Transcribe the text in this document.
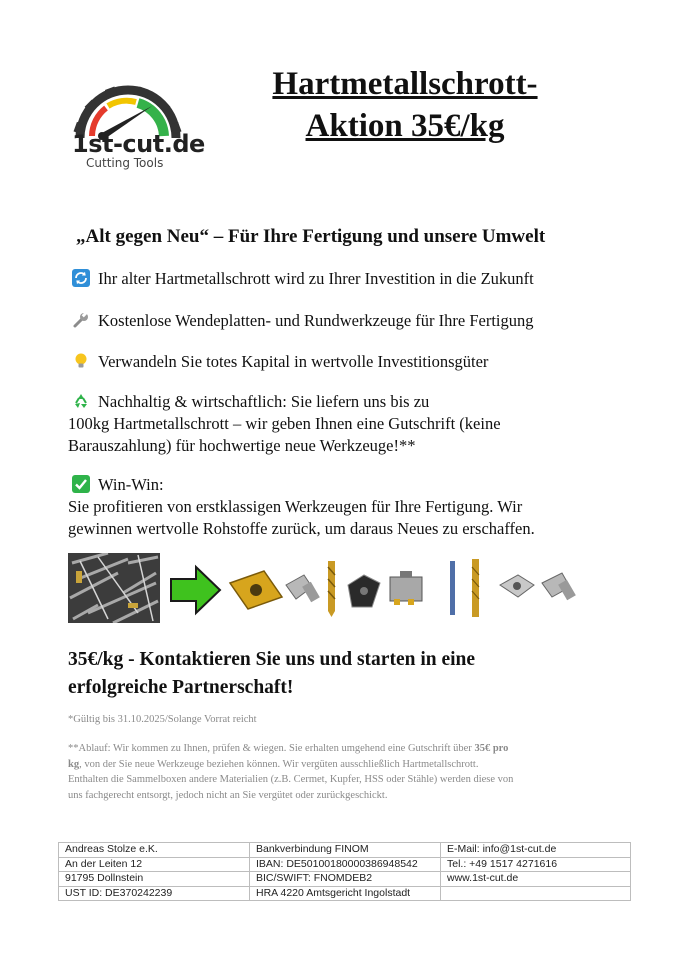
1st-cut.de
Cutting Tools
Hartmetallschrott-
Aktion 35€/kg
„Alt gegen Neu“ – Für Ihre Fertigung und unsere Umwelt
Ihr alter Hartmetallschrott wird zu Ihrer Investition in die Zukunft
Kostenlose Wendeplatten- und Rundwerkzeuge für Ihre Fertigung
Verwandeln Sie totes Kapital in wertvolle Investitionsgüter
Nachhaltig & wirtschaftlich: Sie liefern uns bis zu
100kg Hartmetallschrott – wir geben Ihnen eine Gutschrift (keine
Barauszahlung) für hochwertige neue Werkzeuge!**
Win-Win:
Sie profitieren von erstklassigen Werkzeugen für Ihre Fertigung. Wir
gewinnen wertvolle Rohstoffe zurück, um daraus Neues zu erschaffen.
35€/kg - Kontaktieren Sie uns und starten in eine
erfolgreiche Partnerschaft!
*Gültig bis 31.10.2025/Solange Vorrat reicht
**Ablauf: Wir kommen zu Ihnen, prüfen & wiegen. Sie erhalten umgehend eine Gutschrift über 35€ pro
kg, von der Sie neue Werkzeuge beziehen können. Wir vergüten ausschließlich Hartmetallschrott.
Enthalten die Sammelboxen andere Materialien (z.B. Cermet, Kupfer, HSS oder Stähle) werden diese von
uns fachgerecht entsorgt, jedoch nicht an Sie vergütet oder zurückgeschickt.
Andreas Stolze e.K.	Bankverbindung FINOM	E-Mail: info@1st-cut.de
An der Leiten 12	IBAN: DE50100180000386948542	Tel.: +49 1517 4271616
91795 Dollnstein	BIC/SWIFT: FNOMDEB2	www.1st-cut.de
UST ID: DE370242239	HRA 4220 Amtsgericht Ingolstadt	
